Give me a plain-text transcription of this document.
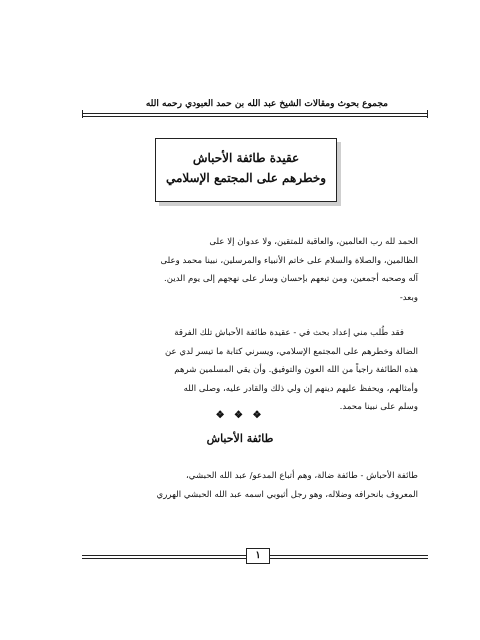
مجموع بحوث ومقالات الشيخ عبد الله بن حمد العبودي رحمه الله
عقيدة طائفة الأحباش
وخطرهم على المجتمع الإسلامي
الحمد لله رب العالمين، والعاقبة للمتقين، ولا عدوان إلا على
الظالمين، والصلاة والسلام على خاتم الأنبياء والمرسلين، نبينا محمد وعلى
آله وصحبه أجمعين، ومن تبعهم بإحسان وسار على نهجهم إلى يوم الدين.
وبعد-
فقد طُلب مني إعداد بحث في - عقيدة طائفة الأحباش تلك الفرقة
الضالة وخطرهم على المجتمع الإسلامي، ويسرني كتابة ما تيسر لدي عن
هذه الطائفة راجياً من الله العون والتوفيق. وأن يقي المسلمين شرهم
وأمثالهم، ويحفظ عليهم دينهم إن ولي ذلك والقادر عليه، وصلى الله
وسلم على نبينا محمد.
❖ ❖ ❖
طائفة الأحباش
طائفة الأحباش - طائفة ضالة، وهم أتباع المدعو/ عبد الله الحبشي،
المعروف بانحرافه وضلاله، وهو رجل أثيوبي اسمه عبد الله الحبشي الهرري
١
